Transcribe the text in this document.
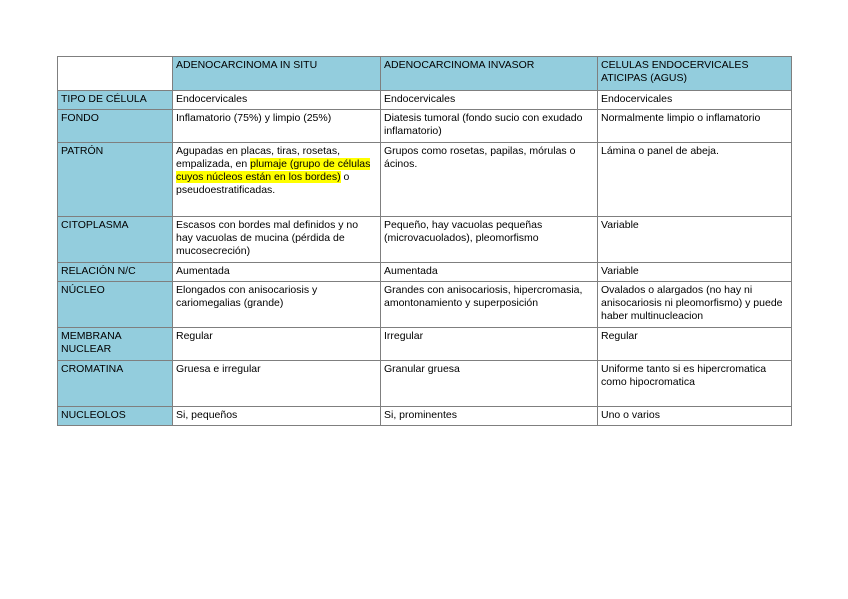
	ADENOCARCINOMA IN SITU	ADENOCARCINOMA INVASOR	CELULAS ENDOCERVICALES ATICIPAS (AGUS)
TIPO DE CÉLULA	Endocervicales	Endocervicales	Endocervicales
FONDO	Inflamatorio (75%) y limpio (25%)	Diatesis tumoral (fondo sucio con exudado inflamatorio)	Normalmente limpio o inflamatorio
PATRÓN	Agupadas en placas, tiras, rosetas, empalizada, en plumaje (grupo de células cuyos núcleos están en los bordes) o pseudoestratificadas.	Grupos como rosetas, papilas, mórulas o ácinos.	Lámina o panel de abeja.
CITOPLASMA	Escasos con bordes mal definidos y no hay vacuolas de mucina (pérdida de mucosecreción)	Pequeño, hay vacuolas pequeñas (microvacuolados), pleomorfismo	Variable
RELACIÓN N/C	Aumentada	Aumentada	Variable
NÚCLEO	Elongados con anisocariosis y cariomegalias (grande)	Grandes con anisocariosis, hipercromasia, amontonamiento y superposición	Ovalados o alargados (no hay ni anisocariosis ni pleomorfismo) y puede haber multinucleacion
MEMBRANA NUCLEAR	Regular	Irregular	Regular
CROMATINA	Gruesa e irregular	Granular gruesa	Uniforme tanto si es hipercromatica como hipocromatica
NUCLEOLOS	Si, pequeños	Si, prominentes	Uno o varios
